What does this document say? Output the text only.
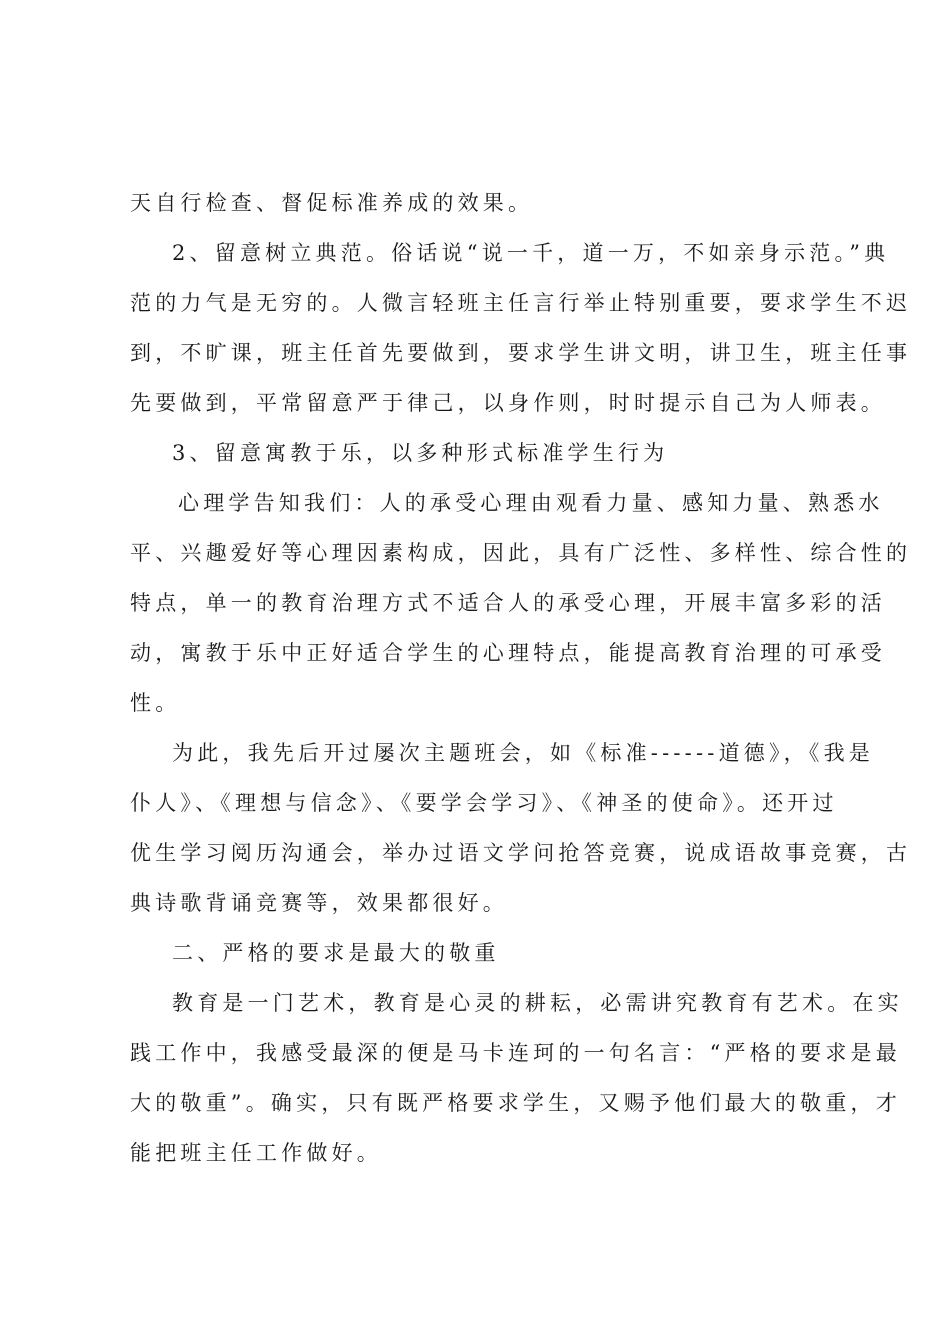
天自行检查、督促标准养成的效果。
2、留意树立典范。俗话说“说一千，道一万，不如亲身示范。”典
范的力气是无穷的。人微言轻班主任言行举止特别重要，要求学生不迟
到，不旷课，班主任首先要做到，要求学生讲文明，讲卫生，班主任事
先要做到，平常留意严于律己，以身作则，时时提示自己为人师表。
3、留意寓教于乐，以多种形式标准学生行为
心理学告知我们：人的承受心理由观看力量、感知力量、熟悉水
平、兴趣爱好等心理因素构成，因此，具有广泛性、多样性、综合性的
特点，单一的教育治理方式不适合人的承受心理，开展丰富多彩的活
动，寓教于乐中正好适合学生的心理特点，能提高教育治理的可承受
性。
为此，我先后开过屡次主题班会，如《标准------道德》，《我是
仆人》、《理想与信念》、《要学会学习》、《神圣的使命》。还开过
优生学习阅历沟通会，举办过语文学问抢答竞赛，说成语故事竞赛，古
典诗歌背诵竞赛等，效果都很好。
二、严格的要求是最大的敬重
教育是一门艺术，教育是心灵的耕耘，必需讲究教育有艺术。在实
践工作中，我感受最深的便是马卡连珂的一句名言：“严格的要求是最
大的敬重”。确实，只有既严格要求学生，又赐予他们最大的敬重，才
能把班主任工作做好。
